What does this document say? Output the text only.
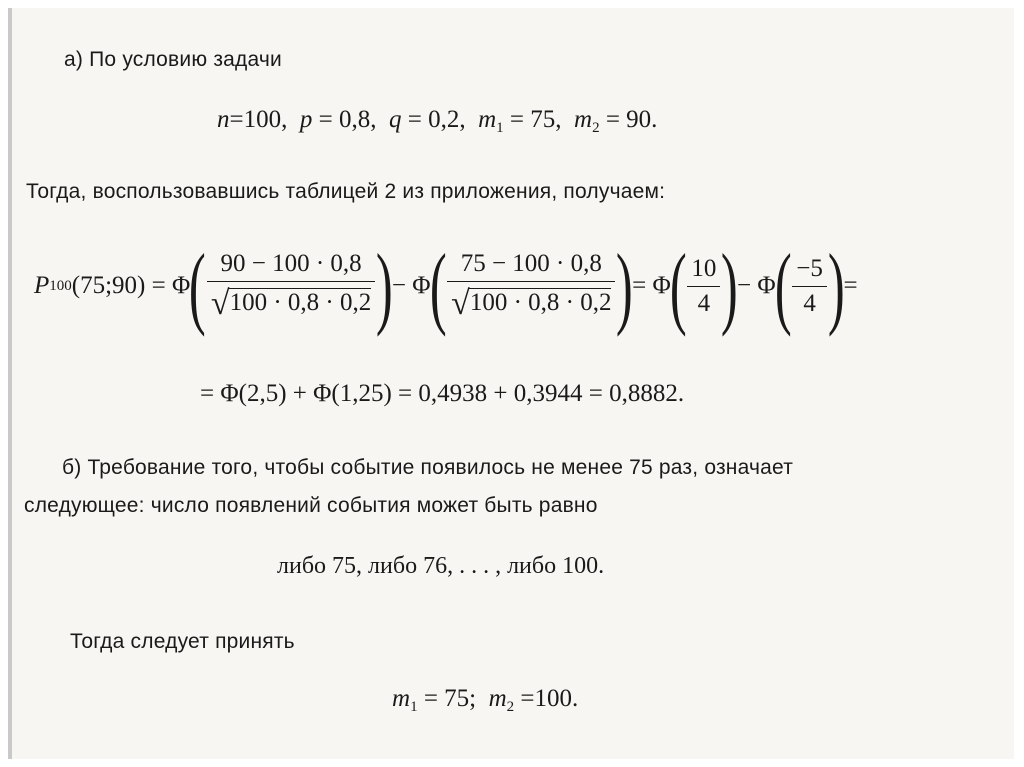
а) По условию задачи
n=100, p = 0,8, q = 0,2, $m_1 = 75$, $m_2 = 90$.
Тогда, воспользовавшись таблицей 2 из приложения, получаем:
P 100 (75;90) = Φ
( $\frac{90 - 100 \cdot 0,8}{√100 \cdot 0,8 \cdot 0,2}$ )
− Φ
( $\frac{75 - 100 \cdot 0,8}{√100 \cdot 0,8 \cdot 0,2}$ )
= Φ
( $\frac{10}{4}$ )
− Φ
( $\frac{-5}{4}$ )
=
= Φ(2,5) + Φ(1,25) = 0,4938 + 0,3944 = 0,8882.
б) Требование того, чтобы событие появилось не менее 75 раз, означает
следующее: число появлений события может быть равно
либо 75, либо 76, . . . , либо 100.
Тогда следует принять
$m_1 = 75$; $m_2 =100$.
